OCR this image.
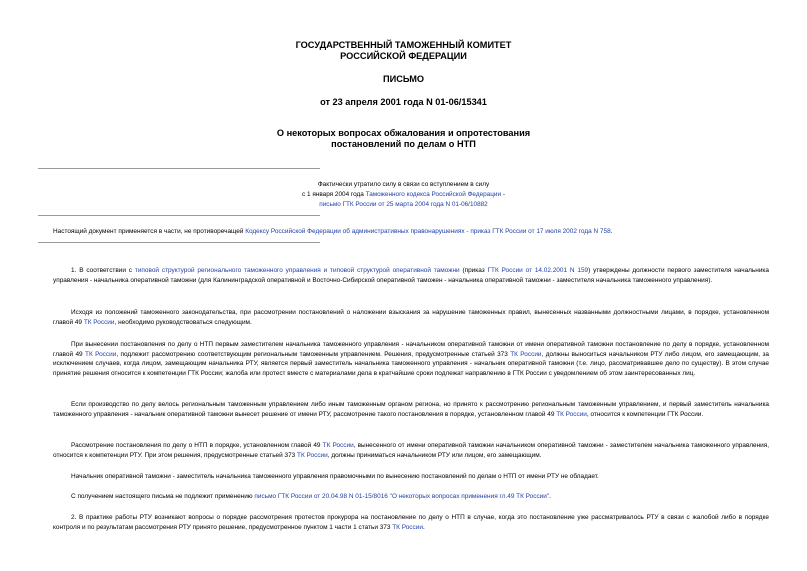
ГОСУДАРСТВЕННЫЙ ТАМОЖЕННЫЙ КОМИТЕТ
РОССИЙСКОЙ ФЕДЕРАЦИИ
ПИСЬМО
от 23 апреля 2001 года N 01-06/15341
О некоторых вопросах обжалования и опротестования
постановлений по делам о НТП
Фактически утратило силу в связи со вступлением в силу
с 1 января 2004 года Таможенного кодекса Российской Федерации -
письмо ГТК России от 25 марта 2004 года N 01-06/10882
Настоящий документ применяется в части, не противоречащей Кодексу Российской Федерации об административных правонарушениях - приказ ГТК России от 17 июля 2002 года N 758.
1. В соответствии с типовой структурой регионального таможенного управления и типовой структурой оперативной таможни (приказ ГТК России от 14.02.2001 N 159) утверждены должности первого заместителя начальника управления - начальника оперативной таможни (для Калининградской оперативной и Восточно-Сибирской оперативной таможен - начальника оперативной таможни - заместителя начальника таможенного управления).
Исходя из положений таможенного законодательства, при рассмотрении постановлений о наложении взыскания за нарушение таможенных правил, вынесенных названными должностными лицами, в порядке, установленном главой 49 ТК России, необходимо руководствоваться следующим.
При вынесении постановления по делу о НТП первым заместителем начальника таможенного управления - начальником оперативной таможни от имени оперативной таможни постановление по делу в порядке, установленном главой 49 ТК России, подлежит рассмотрению соответствующим региональным таможенным управлением. Решения, предусмотренные статьей 373 ТК России, должны выноситься начальником РТУ либо лицом, его замещающим, за исключением случаев, когда лицом, замещающим начальника РТУ, является первый заместитель начальника таможенного управления - начальник оперативной таможни (т.е. лицо, рассматривавшее дело по существу). В этом случае принятие решения относится к компетенции ГТК России; жалоба или протест вместе с материалами дела в кратчайшие сроки подлежат направлению в ГТК России с уведомлением об этом заинтересованных лиц.
Если производство по делу велось региональным таможенным управлением либо иным таможенным органом региона, но принято к рассмотрению региональным таможенным управлением, и первый заместитель начальника таможенного управления - начальник оперативной таможни вынесет решение от имени РТУ, рассмотрение такого постановления в порядке, установленном главой 49 ТК России, относится к компетенции ГТК России.
Рассмотрение постановления по делу о НТП в порядке, установленном главой 49 ТК России, вынесенного от имени оперативной таможни начальником оперативной таможни - заместителем начальника таможенного управления, относится к компетенции РТУ. При этом решения, предусмотренные статьей 373 ТК России, должны приниматься начальником РТУ или лицом, его замещающим.
Начальник оперативной таможни - заместитель начальника таможенного управления правомочными по вынесению постановлений по делам о НТП от имени РТУ не обладает.
С получением настоящего письма не подлежит применению письмо ГТК России от 20.04.98 N 01-15/8016 "О некоторых вопросах применения гл.49 ТК России".
2. В практике работы РТУ возникают вопросы о порядке рассмотрения протестов прокурора на постановление по делу о НТП в случае, когда это постановление уже рассматривалось РТУ в связи с жалобой либо в порядке контроля и по результатам рассмотрения РТУ принято решение, предусмотренное пунктом 1 части 1 статьи 373 ТК России.
